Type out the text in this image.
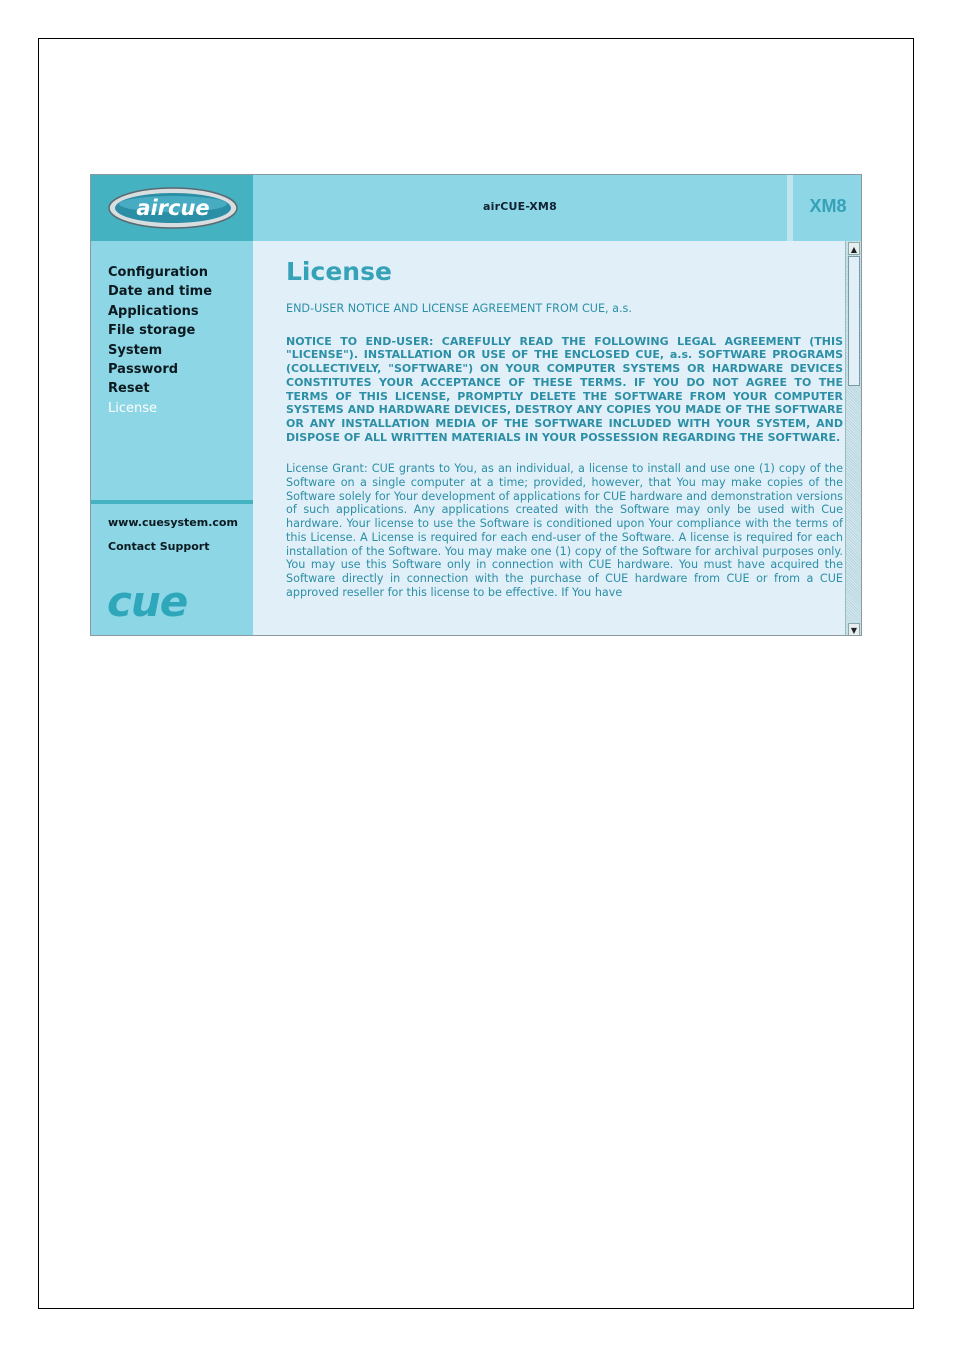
aircue	airCUE-XM8	XM8
Configuration
Date and time
Applications
File storage
System
Password
Reset
License
www.cuesystem.com
Contact Support
cue
License

END-USER NOTICE AND LICENSE AGREEMENT FROM CUE, a.s.

NOTICE TO END-USER: CAREFULLY READ THE FOLLOWING LEGAL AGREEMENT (THIS "LICENSE"). INSTALLATION OR USE OF THE ENCLOSED CUE, a.s. SOFTWARE PROGRAMS (COLLECTIVELY, "SOFTWARE") ON YOUR COMPUTER SYSTEMS OR HARDWARE DEVICES CONSTITUTES YOUR ACCEPTANCE OF THESE TERMS. IF YOU DO NOT AGREE TO THE TERMS OF THIS LICENSE, PROMPTLY DELETE THE SOFTWARE FROM YOUR COMPUTER SYSTEMS AND HARDWARE DEVICES, DESTROY ANY COPIES YOU MADE OF THE SOFTWARE OR ANY INSTALLATION MEDIA OF THE SOFTWARE INCLUDED WITH YOUR SYSTEM, AND DISPOSE OF ALL WRITTEN MATERIALS IN YOUR POSSESSION REGARDING THE SOFTWARE.

License Grant: CUE grants to You, as an individual, a license to install and use one (1) copy of the Software on a single computer at a time; provided, however, that You may make copies of the Software solely for Your development of applications for CUE hardware and demonstration versions of such applications. Any applications created with the Software may only be used with Cue hardware. Your license to use the Software is conditioned upon Your compliance with the terms of this License. A License is required for each end-user of the Software. A license is required for each installation of the Software. You may make one (1) copy of the Software for archival purposes only. You may use this Software only in connection with CUE hardware. You must have acquired the Software directly in connection with the purchase of CUE hardware from CUE or from a CUE approved reseller for this license to be effective. If You have

▲
▼
